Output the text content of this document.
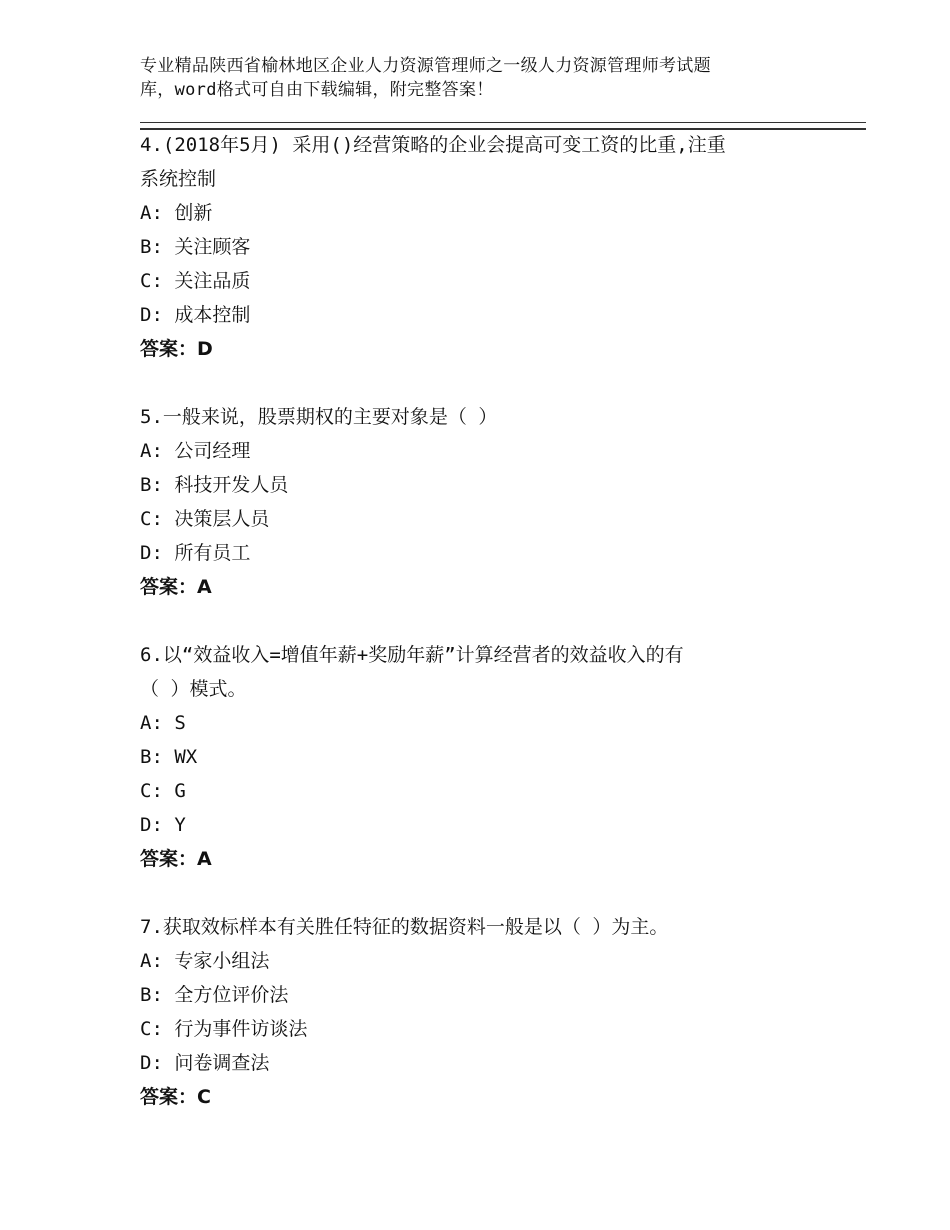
专业精品陕西省榆林地区企业人力资源管理师之一级人力资源管理师考试题
库，word格式可自由下载编辑，附完整答案！
4.(2018年5月) 采用()经营策略的企业会提高可变工资的比重,注重
系统控制
A: 创新
B: 关注顾客
C: 关注品质
D: 成本控制
答案：D
5.一般来说，股票期权的主要对象是（ ）
A: 公司经理
B: 科技开发人员
C: 决策层人员
D: 所有员工
答案：A
6.以“效益收入=增值年薪+奖励年薪”计算经营者的效益收入的有
（ ）模式。
A: S
B: WX
C: G
D: Y
答案：A
7.获取效标样本有关胜任特征的数据资料一般是以（ ）为主。
A: 专家小组法
B: 全方位评价法
C: 行为事件访谈法
D: 问卷调查法
答案：C
